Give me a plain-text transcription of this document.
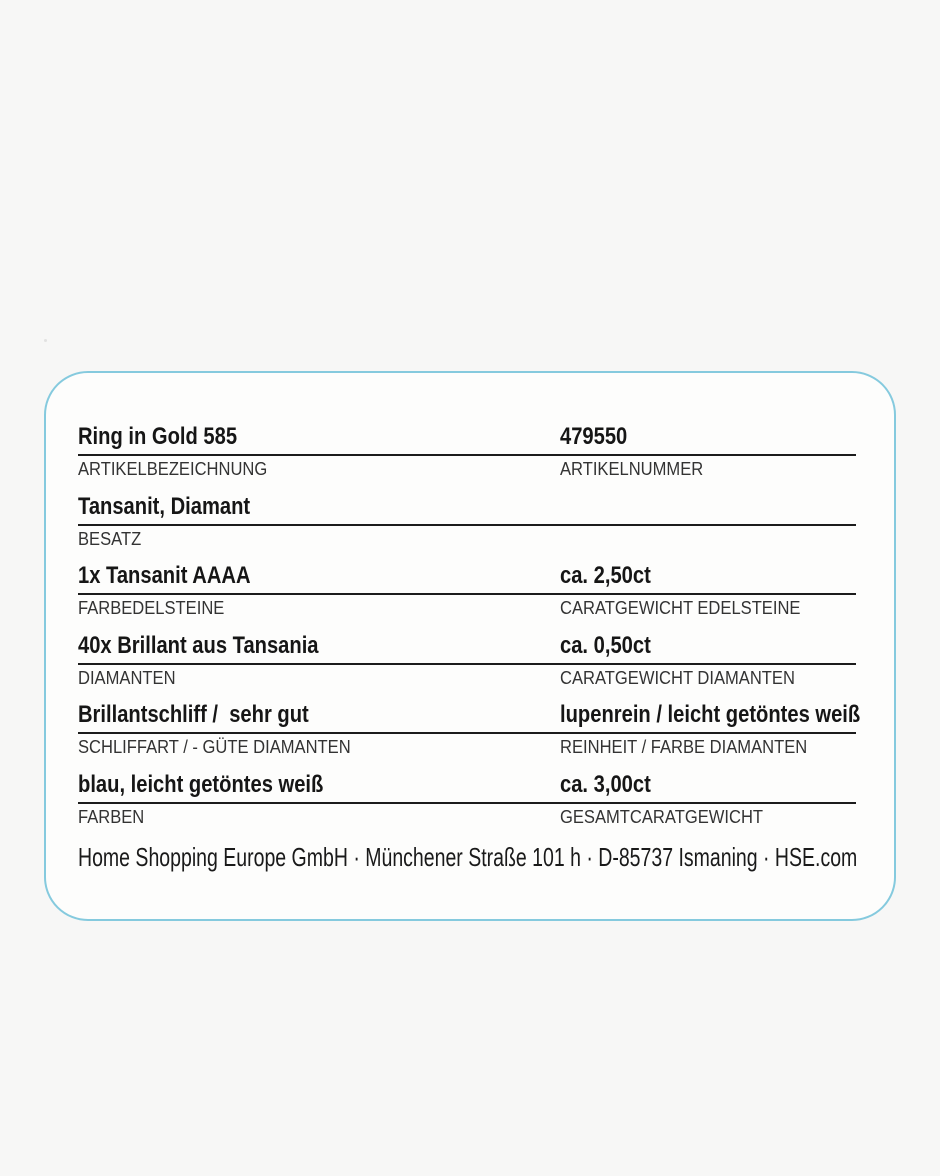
Ring in Gold 585	479550
ARTIKELBEZEICHNUNG	ARTIKELNUMMER
Tansanit, Diamant
BESATZ
1x Tansanit AAAA	ca. 2,50ct
FARBEDELSTEINE	CARATGEWICHT EDELSTEINE
40x Brillant aus Tansania	ca. 0,50ct
DIAMANTEN	CARATGEWICHT DIAMANTEN
Brillantschliff /  sehr gut	lupenrein / leicht getöntes weiß
SCHLIFFART / - GÜTE DIAMANTEN	REINHEIT / FARBE DIAMANTEN
blau, leicht getöntes weiß	ca. 3,00ct
FARBEN	GESAMTCARATGEWICHT
Home Shopping Europe GmbH · Münchener Straße 101 h · D-85737 Ismaning · HSE.com
